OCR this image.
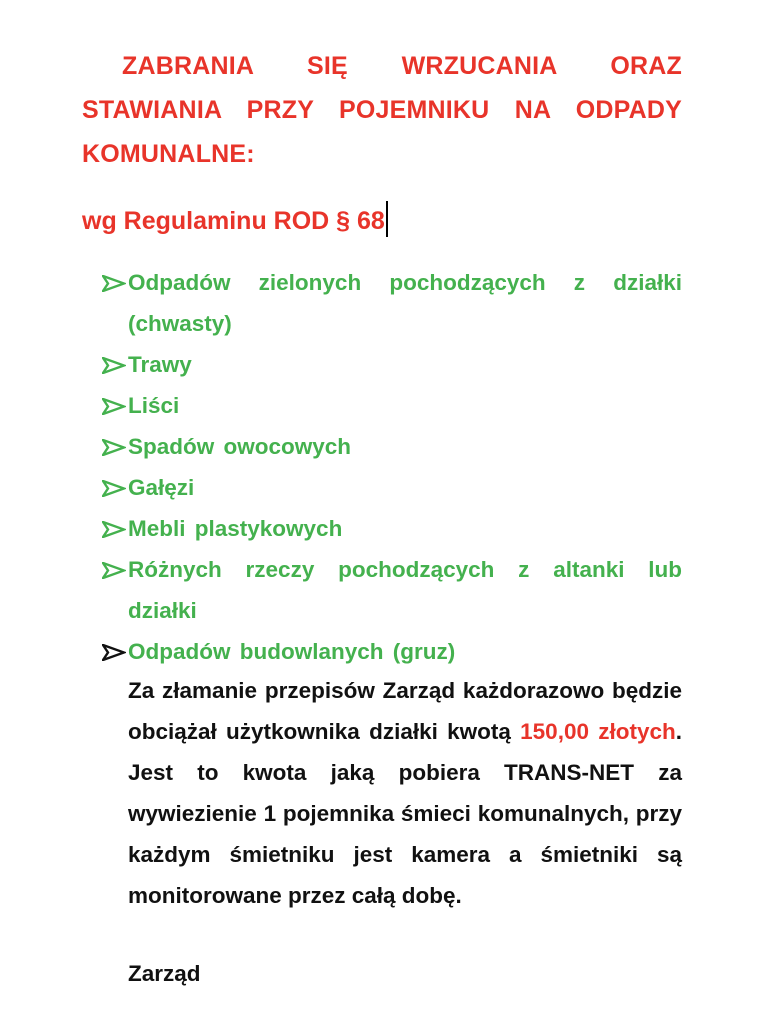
ZABRANIA SIĘ WRZUCANIA ORAZ STAWIANIA PRZY POJEMNIKU NA ODPADY KOMUNALNE:
wg Regulaminu ROD § 68
Odpadów zielonych pochodzących z działki (chwasty)
Trawy
Liści
Spadów owocowych
Gałęzi
Mebli plastykowych
Różnych rzeczy pochodzących z altanki lub działki
Odpadów budowlanych (gruz)
Za złamanie przepisów Zarząd każdorazowo będzie obciążał użytkownika działki kwotą 150,00 złotych. Jest to kwota jaką pobiera TRANS-NET za wywiezienie 1 pojemnika śmieci komunalnych, przy każdym śmietniku jest kamera a śmietniki są monitorowane przez całą dobę.
Zarząd
